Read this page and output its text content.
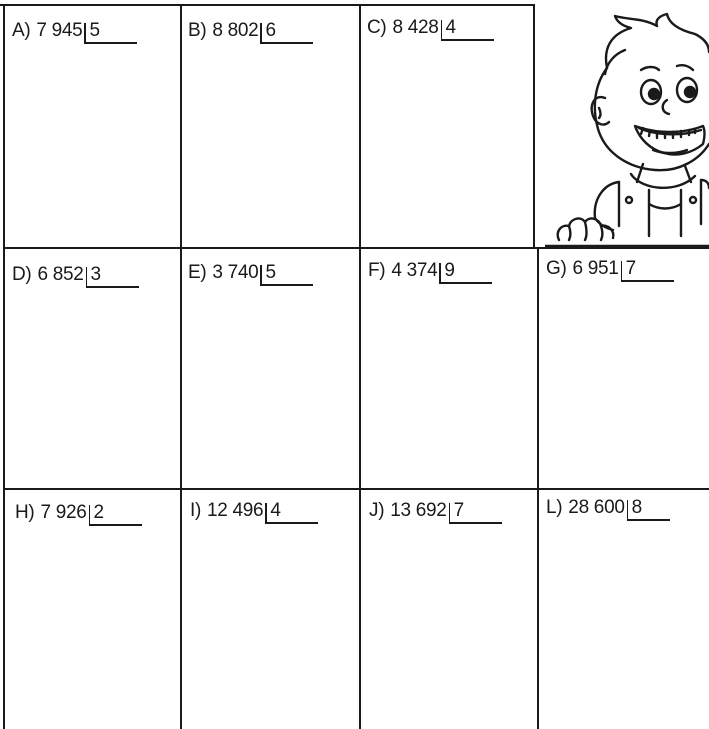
A) 7 945 5	B) 8 802 6	C) 8 428 4
D) 6 852 3	E) 3 740 5	F) 4 374 9	G) 6 951 7
H) 7 926 2	I) 12 496 4	J) 13 692 7	L) 28 600 8
